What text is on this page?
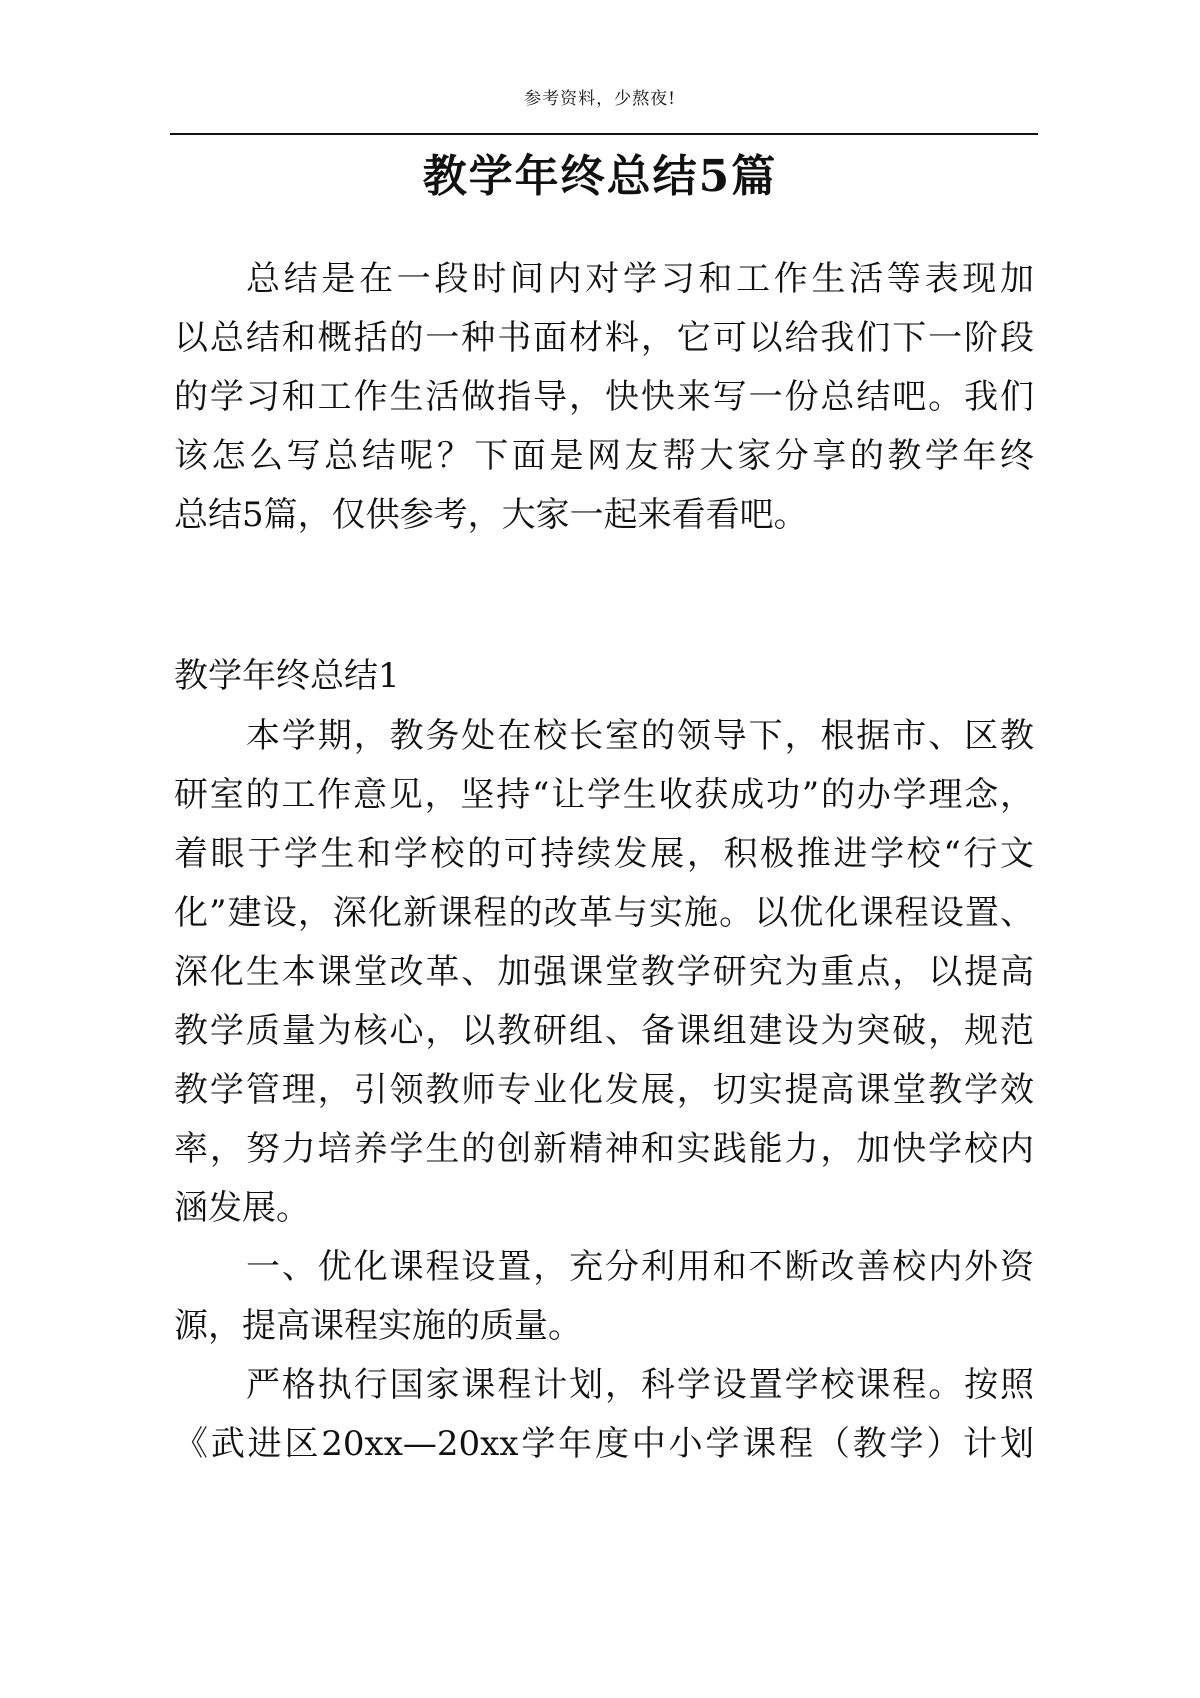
参考资料，少熬夜!
教学年终总结5篇
总结是在一段时间内对学习和工作生活等表现加
以总结和概括的一种书面材料，它可以给我们下一阶段
的学习和工作生活做指导，快快来写一份总结吧。我们
该怎么写总结呢？下面是网友帮大家分享的教学年终
总结5篇，仅供参考，大家一起来看看吧。
教学年终总结1
本学期，教务处在校长室的领导下，根据市、区教
研室的工作意见，坚持“让学生收获成功”的办学理念，
着眼于学生和学校的可持续发展，积极推进学校“行文
化”建设，深化新课程的改革与实施。以优化课程设置、
深化生本课堂改革、加强课堂教学研究为重点，以提高
教学质量为核心，以教研组、备课组建设为突破，规范
教学管理，引领教师专业化发展，切实提高课堂教学效
率，努力培养学生的创新精神和实践能力，加快学校内
涵发展。
一、优化课程设置，充分利用和不断改善校内外资
源，提高课程实施的质量。
严格执行国家课程计划，科学设置学校课程。按照
《武进区20xx—20xx学年度中小学课程（教学）计划
